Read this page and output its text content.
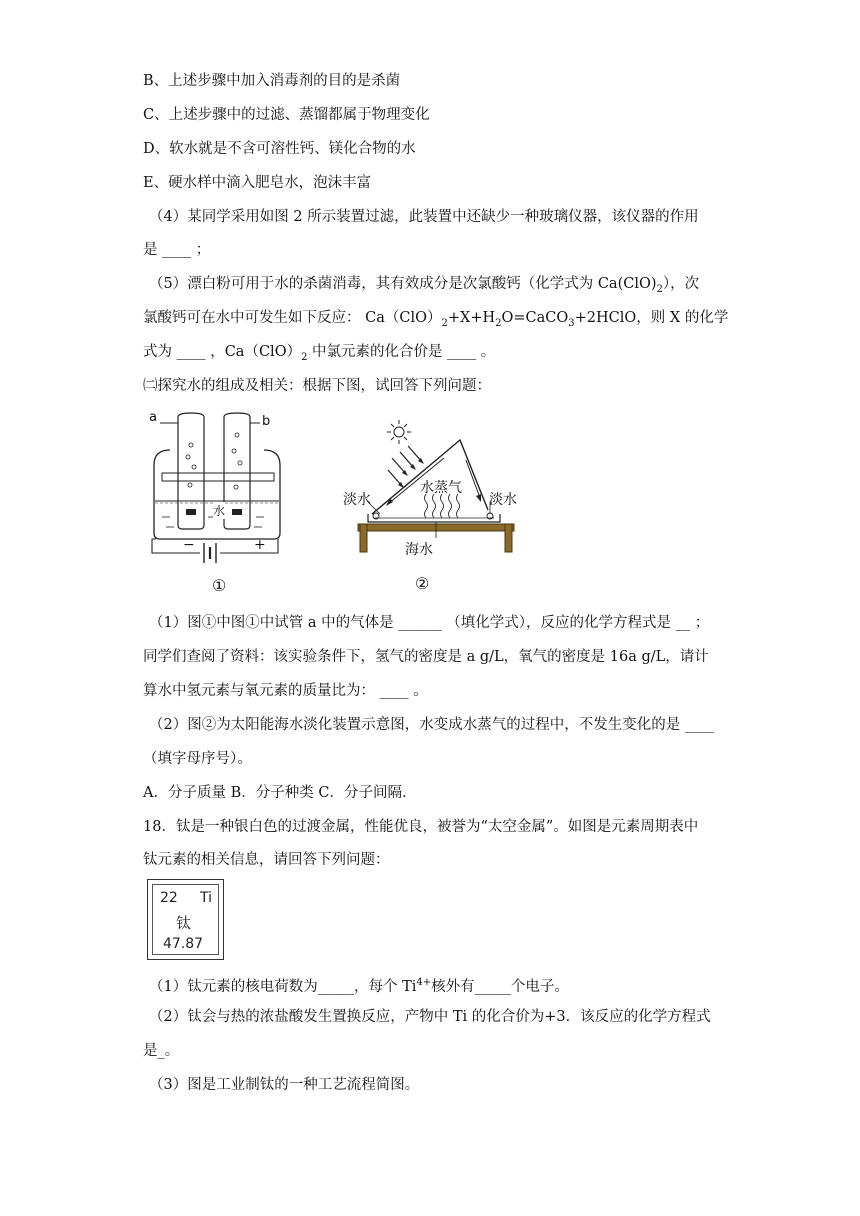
B、上述步骤中加入消毒剂的目的是杀菌
C、上述步骤中的过滤、蒸馏都属于物理变化
D、软水就是不含可溶性钙、镁化合物的水
E、硬水样中滴入肥皂水，泡沫丰富
（4）某同学采用如图 2 所示装置过滤，此装置中还缺少一种玻璃仪器，该仪器的作用
是 ____ ；
（5）漂白粉可用于水的杀菌消毒，其有效成分是次氯酸钙（化学式为 $Ca(ClO)_2$），次
氯酸钙可在水中可发生如下反应： $Ca(ClO)_2+X+H_2O=CaCO_3+2HClO$，则 X 的化学
式为 ____ ，$Ca(ClO)_2$ 中氯元素的化合价是 ____ 。
㈡探究水的组成及相关：根据下图，试回答下列问题：
a	b
水
−	+
①
淡水
水蒸气
淡水
海水
②
（1）图①中图①中试管 a 中的气体是 ______ （填化学式），反应的化学方程式是 __ ；
同学们查阅了资料：该实验条件下，氢气的密度是 a g/L，氧气的密度是 16a g/L，请计
算水中氢元素与氧元素的质量比为： ____ 。
（2）图②为太阳能海水淡化装置示意图，水变成水蒸气的过程中，不发生变化的是 ____
（填字母序号）。
A．分子质量 B．分子种类 C．分子间隔．
18．钛是一种银白色的过渡金属，性能优良，被誉为“太空金属”。如图是元素周期表中
钛元素的相关信息，请回答下列问题：
22 Ti
钛
47.87
（1）钛元素的核电荷数为_____，每个 $Ti^{4+}$核外有_____个电子。
（2）钛会与热的浓盐酸发生置换反应，产物中 Ti 的化合价为+3．该反应的化学方程式
是_。
（3）图是工业制钛的一种工艺流程简图。
